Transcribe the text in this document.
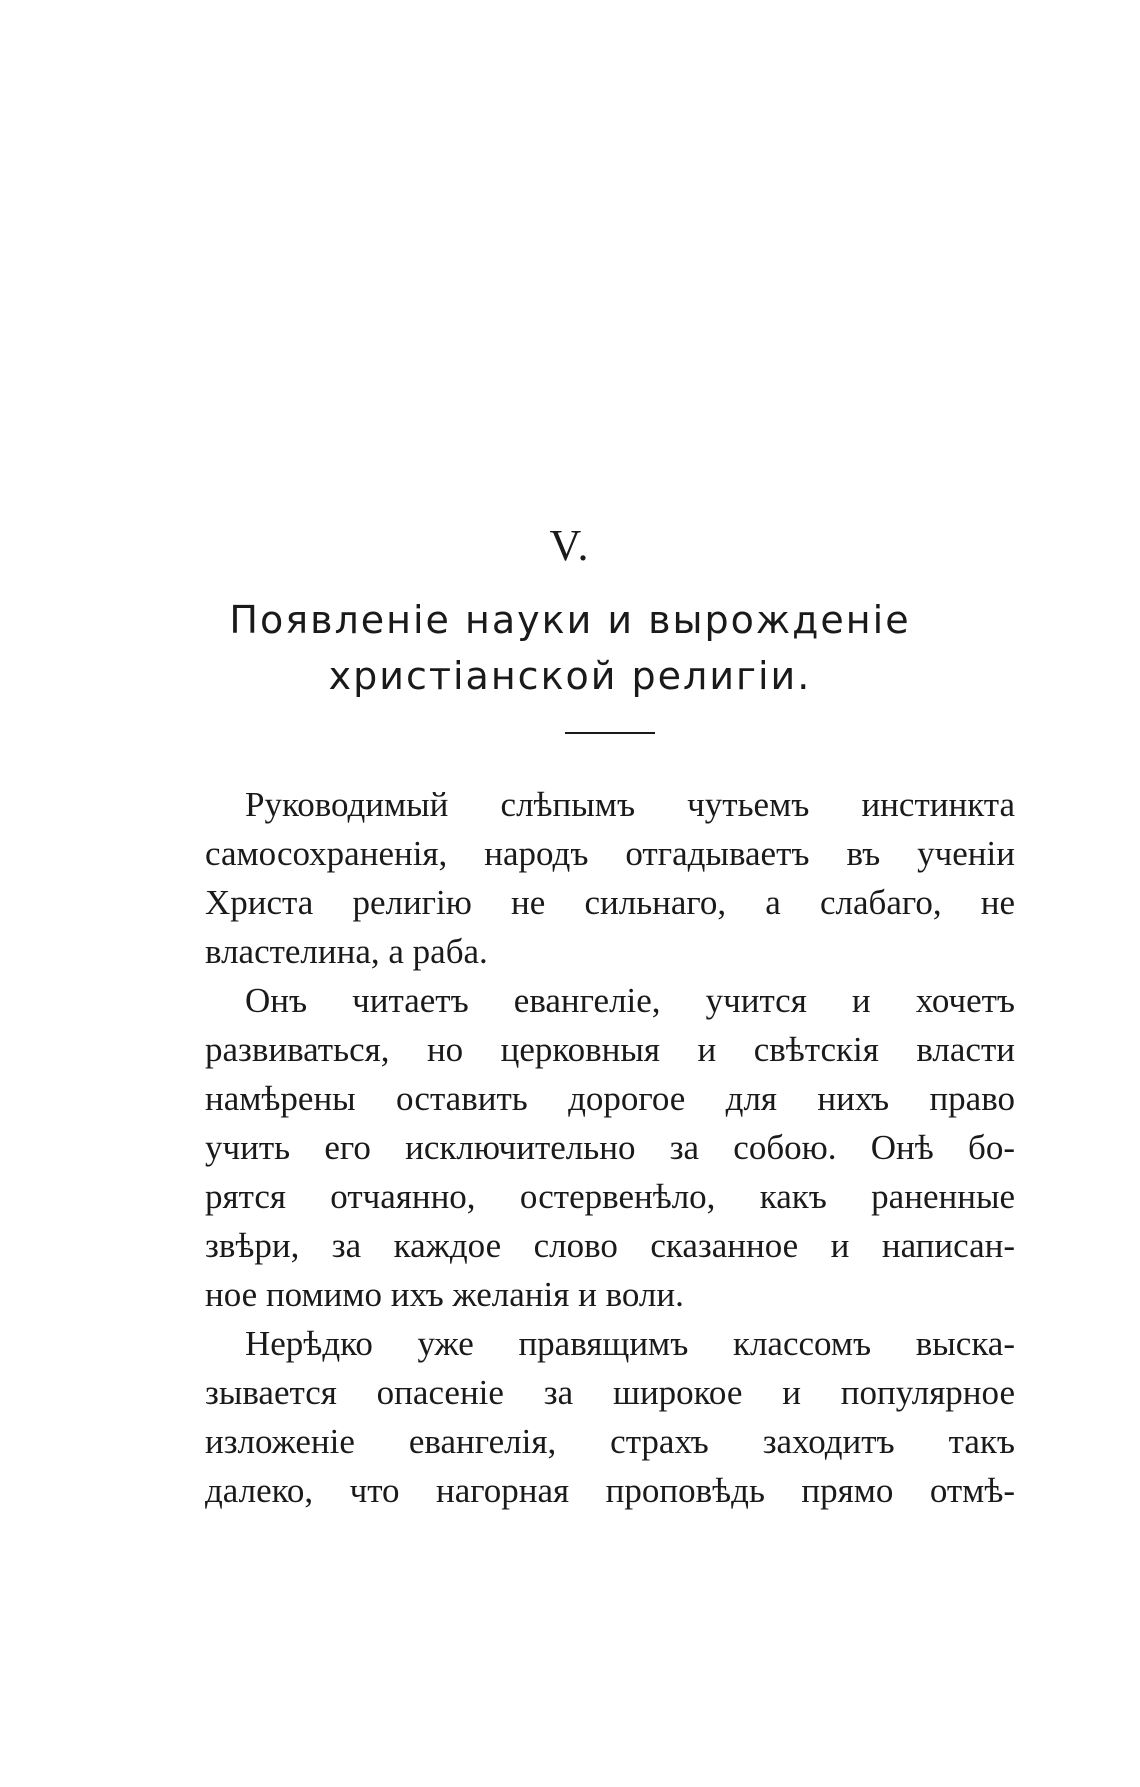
V.
Появленіе науки и вырожденіе
христіанской религіи.
Руководимый слѣпымъ чутьемъ инстинкта
самосохраненія, народъ отгадываетъ въ ученіи
Христа религію не сильнаго, а слабаго, не
властелина, а раба.
Онъ читаетъ евангеліе, учится и хочетъ
развиваться, но церковныя и свѣтскія власти
намѣрены оставить дорогое для нихъ право
учить его исключительно за собою. Онѣ бо-
рятся отчаянно, остервенѣло, какъ раненные
звѣри, за каждое слово сказанное и написан-
ное помимо ихъ желанія и воли.
Нерѣдко уже правящимъ классомъ выска-
зывается опасеніе за широкое и популярное
изложеніе евангелія, страхъ заходитъ такъ
далеко, что нагорная проповѣдь прямо отмѣ-
